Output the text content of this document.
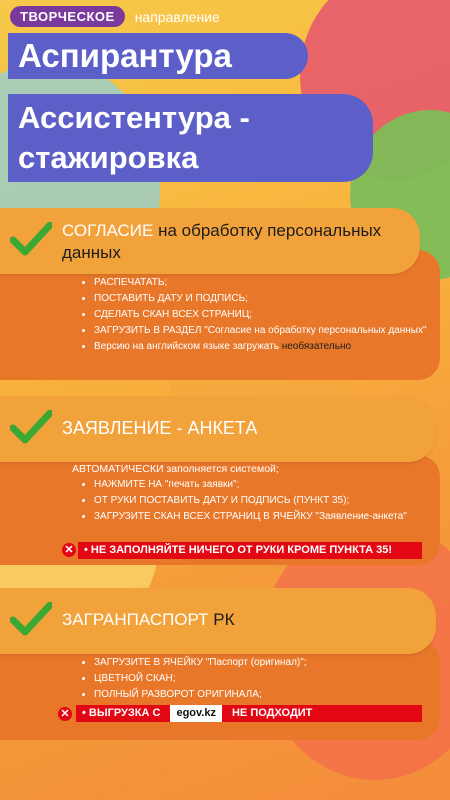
ТВОРЧЕСКОЕ	направление
Аспирантура
Ассистентура -
стажировка
СОГЛАСИЕ на обработку персональных данных
• РАСПЕЧАТАТЬ;
• ПОСТАВИТЬ ДАТУ И ПОДПИСЬ;
• СДЕЛАТЬ СКАН ВСЕХ СТРАНИЦ;
• ЗАГРУЗИТЬ В РАЗДЕЛ "Согласие на обработку персональных данных"
• Версию на английском языке загружать необязательно
ЗАЯВЛЕНИЕ - АНКЕТА
АВТОМАТИЧЕСКИ заполняется системой;
• НАЖМИТЕ НА "печать заявки";
• ОТ РУКИ ПОСТАВИТЬ ДАТУ И ПОДПИСЬ (ПУНКТ 35);
• ЗАГРУЗИТЕ СКАН ВСЕХ СТРАНИЦ В ЯЧЕЙКУ "Заявление-анкета"
✕ • НЕ ЗАПОЛНЯЙТЕ НИЧЕГО ОТ РУКИ КРОМЕ ПУНКТА 35!
ЗАГРАНПАСПОРТ РК
• ЗАГРУЗИТЕ В ЯЧЕЙКУ "Паспорт (оригинал)";
• ЦВЕТНОЙ СКАН;
• ПОЛНЫЙ РАЗВОРОТ ОРИГИНАЛА;
✕	• ВЫГРУЗКА С egov.kz НЕ ПОДХОДИТ
